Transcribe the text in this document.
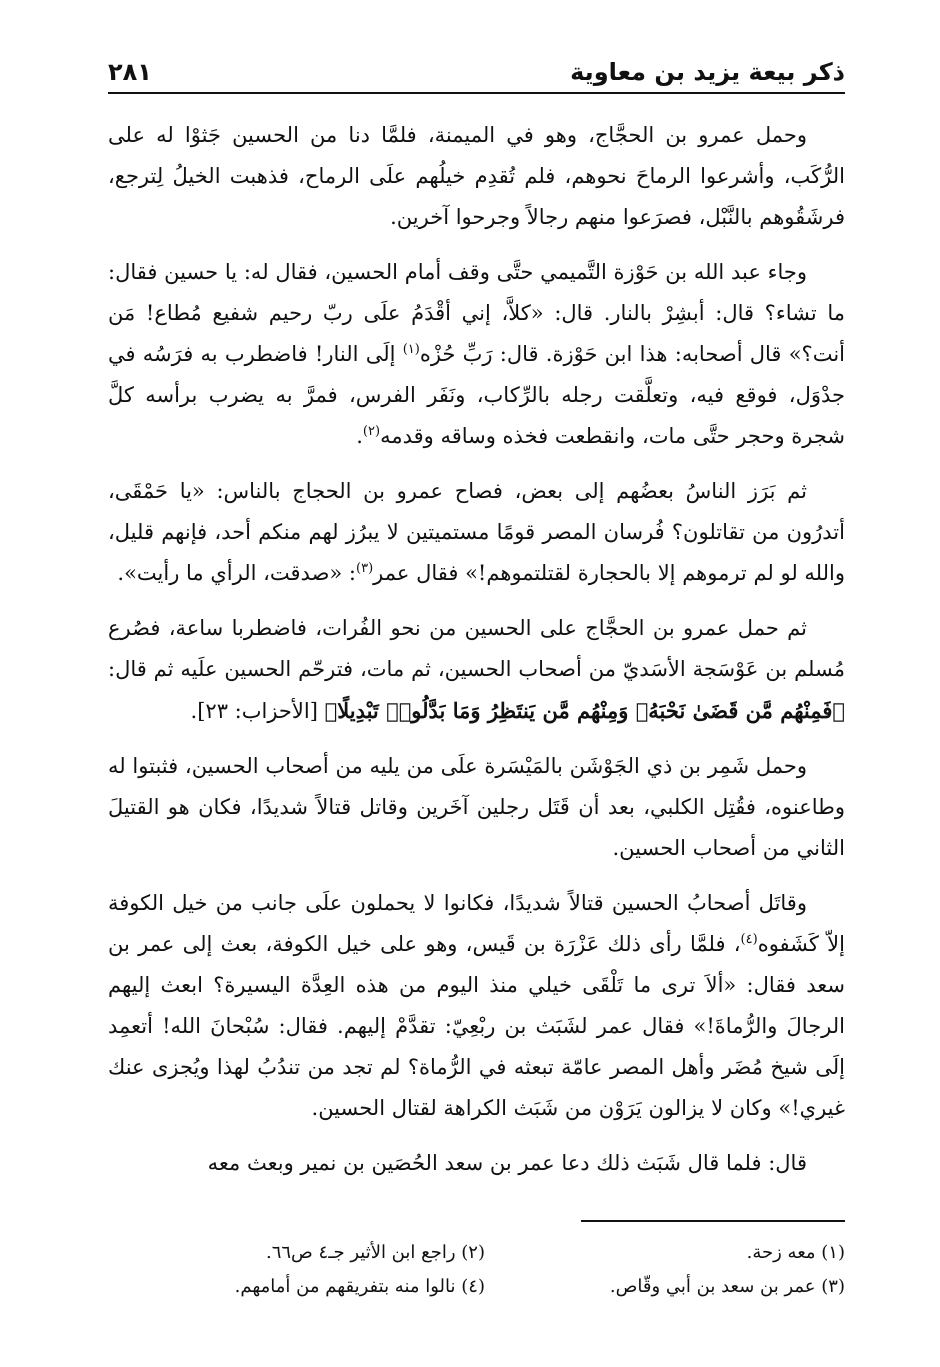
ذكر بيعة يزيد بن معاوية
٢٨١

وحمل عمرو بن الحجَّاج، وهو في الميمنة، فلمَّا دنا من الحسين جَثوْا له على الرُّكَب، وأشرعوا الرماحَ نحوهم، فلم تُقدِم خيلُهم علَى الرماح، فذهبت الخيلُ لِترجع، فرشَقُوهم بالنَّبْل، فصرَعوا منهم رجالاً وجرحوا آخرين.

وجاء عبد الله بن حَوْزة التَّميمي حتَّى وقف أمام الحسين، فقال له: يا حسين فقال: ما تشاء؟ قال: أبشِرْ بالنار. قال: «كلاَّ، إني أقْدَمُ علَى ربّ رحيم شفيع مُطاع! مَن أنت؟» قال أصحابه: هذا ابن حَوْزة. قال: رَبِّ حُزْه$^{(١)}$ إلَى النار! فاضطرب به فرَسُه في جدْوَل، فوقع فيه، وتعلَّقت رجله بالرِّكاب، ونَفَر الفرس، فمرَّ به يضرب برأسه كلَّ شجرة وحجر حتَّى مات، وانقطعت فخذه وساقه وقدمه$^{(٢)}$.

ثم بَرَز الناسُ بعضُهم إلى بعض، فصاح عمرو بن الحجاج بالناس: «يا حَمْقَى، أتدرُون من تقاتلون؟ فُرسان المصر قومًا مستميتين لا يبرُز لهم منكم أحد، فإنهم قليل، والله لو لم ترموهم إلا بالحجارة لقتلتموهم!» فقال عمر$^{(٣)}$: «صدقت، الرأي ما رأيت».

ثم حمل عمرو بن الحجَّاج على الحسين من نحو الفُرات، فاضطربا ساعة، فصُرع مُسلم بن عَوْسَجة الأسَديّ من أصحاب الحسين، ثم مات، فترحّم الحسين علَيه ثم قال: ﴿فَمِنْهُم مَّن قَضَىٰ نَحْبَهُۥ وَمِنْهُم مَّن يَنتَظِرُ وَمَا بَدَّلُوا۟ تَبْدِيلًا﴾ [الأحزاب: ٢٣].

وحمل شَمِر بن ذي الجَوْشَن بالمَيْسَرة علَى من يليه من أصحاب الحسين، فثبتوا له وطاعنوه، فقُتِل الكلبي، بعد أن قَتَل رجلين آخَرين وقاتل قتالاً شديدًا، فكان هو القتيلَ الثاني من أصحاب الحسين.

وقاتَل أصحابُ الحسين قتالاً شديدًا، فكانوا لا يحملون علَى جانب من خيل الكوفة إلاّ كَشَفوه$^{(٤)}$، فلمَّا رأى ذلك عَزْرَة بن قَيس، وهو على خيل الكوفة، بعث إلى عمر بن سعد فقال: «ألاَ ترى ما تَلْقَى خيلي منذ اليوم من هذه العِدَّة اليسيرة؟ ابعث إليهم الرجالَ والرُّماةَ!» فقال عمر لشَبَث بن ربْعِيّ: تقدَّمْ إليهم. فقال: سُبْحانَ الله! أتعمِد إلَى شيخ مُضَر وأهل المصر عامّة تبعثه في الرُّماة؟ لم تجد من تندُبُ لهذا ويُجزى عنك غيري!» وكان لا يزالون يَرَوْن من شَبَث الكراهة لقتال الحسين.

قال: فلما قال شَبَث ذلك دعا عمر بن سعد الحُصَين بن نمير وبعث معه

(١) معه زحة.
(٢) راجع ابن الأثير جـ٤ ص٦٦.
(٣) عمر بن سعد بن أبي وقّاص.
(٤) نالوا منه بتفريقهم من أمامهم.
